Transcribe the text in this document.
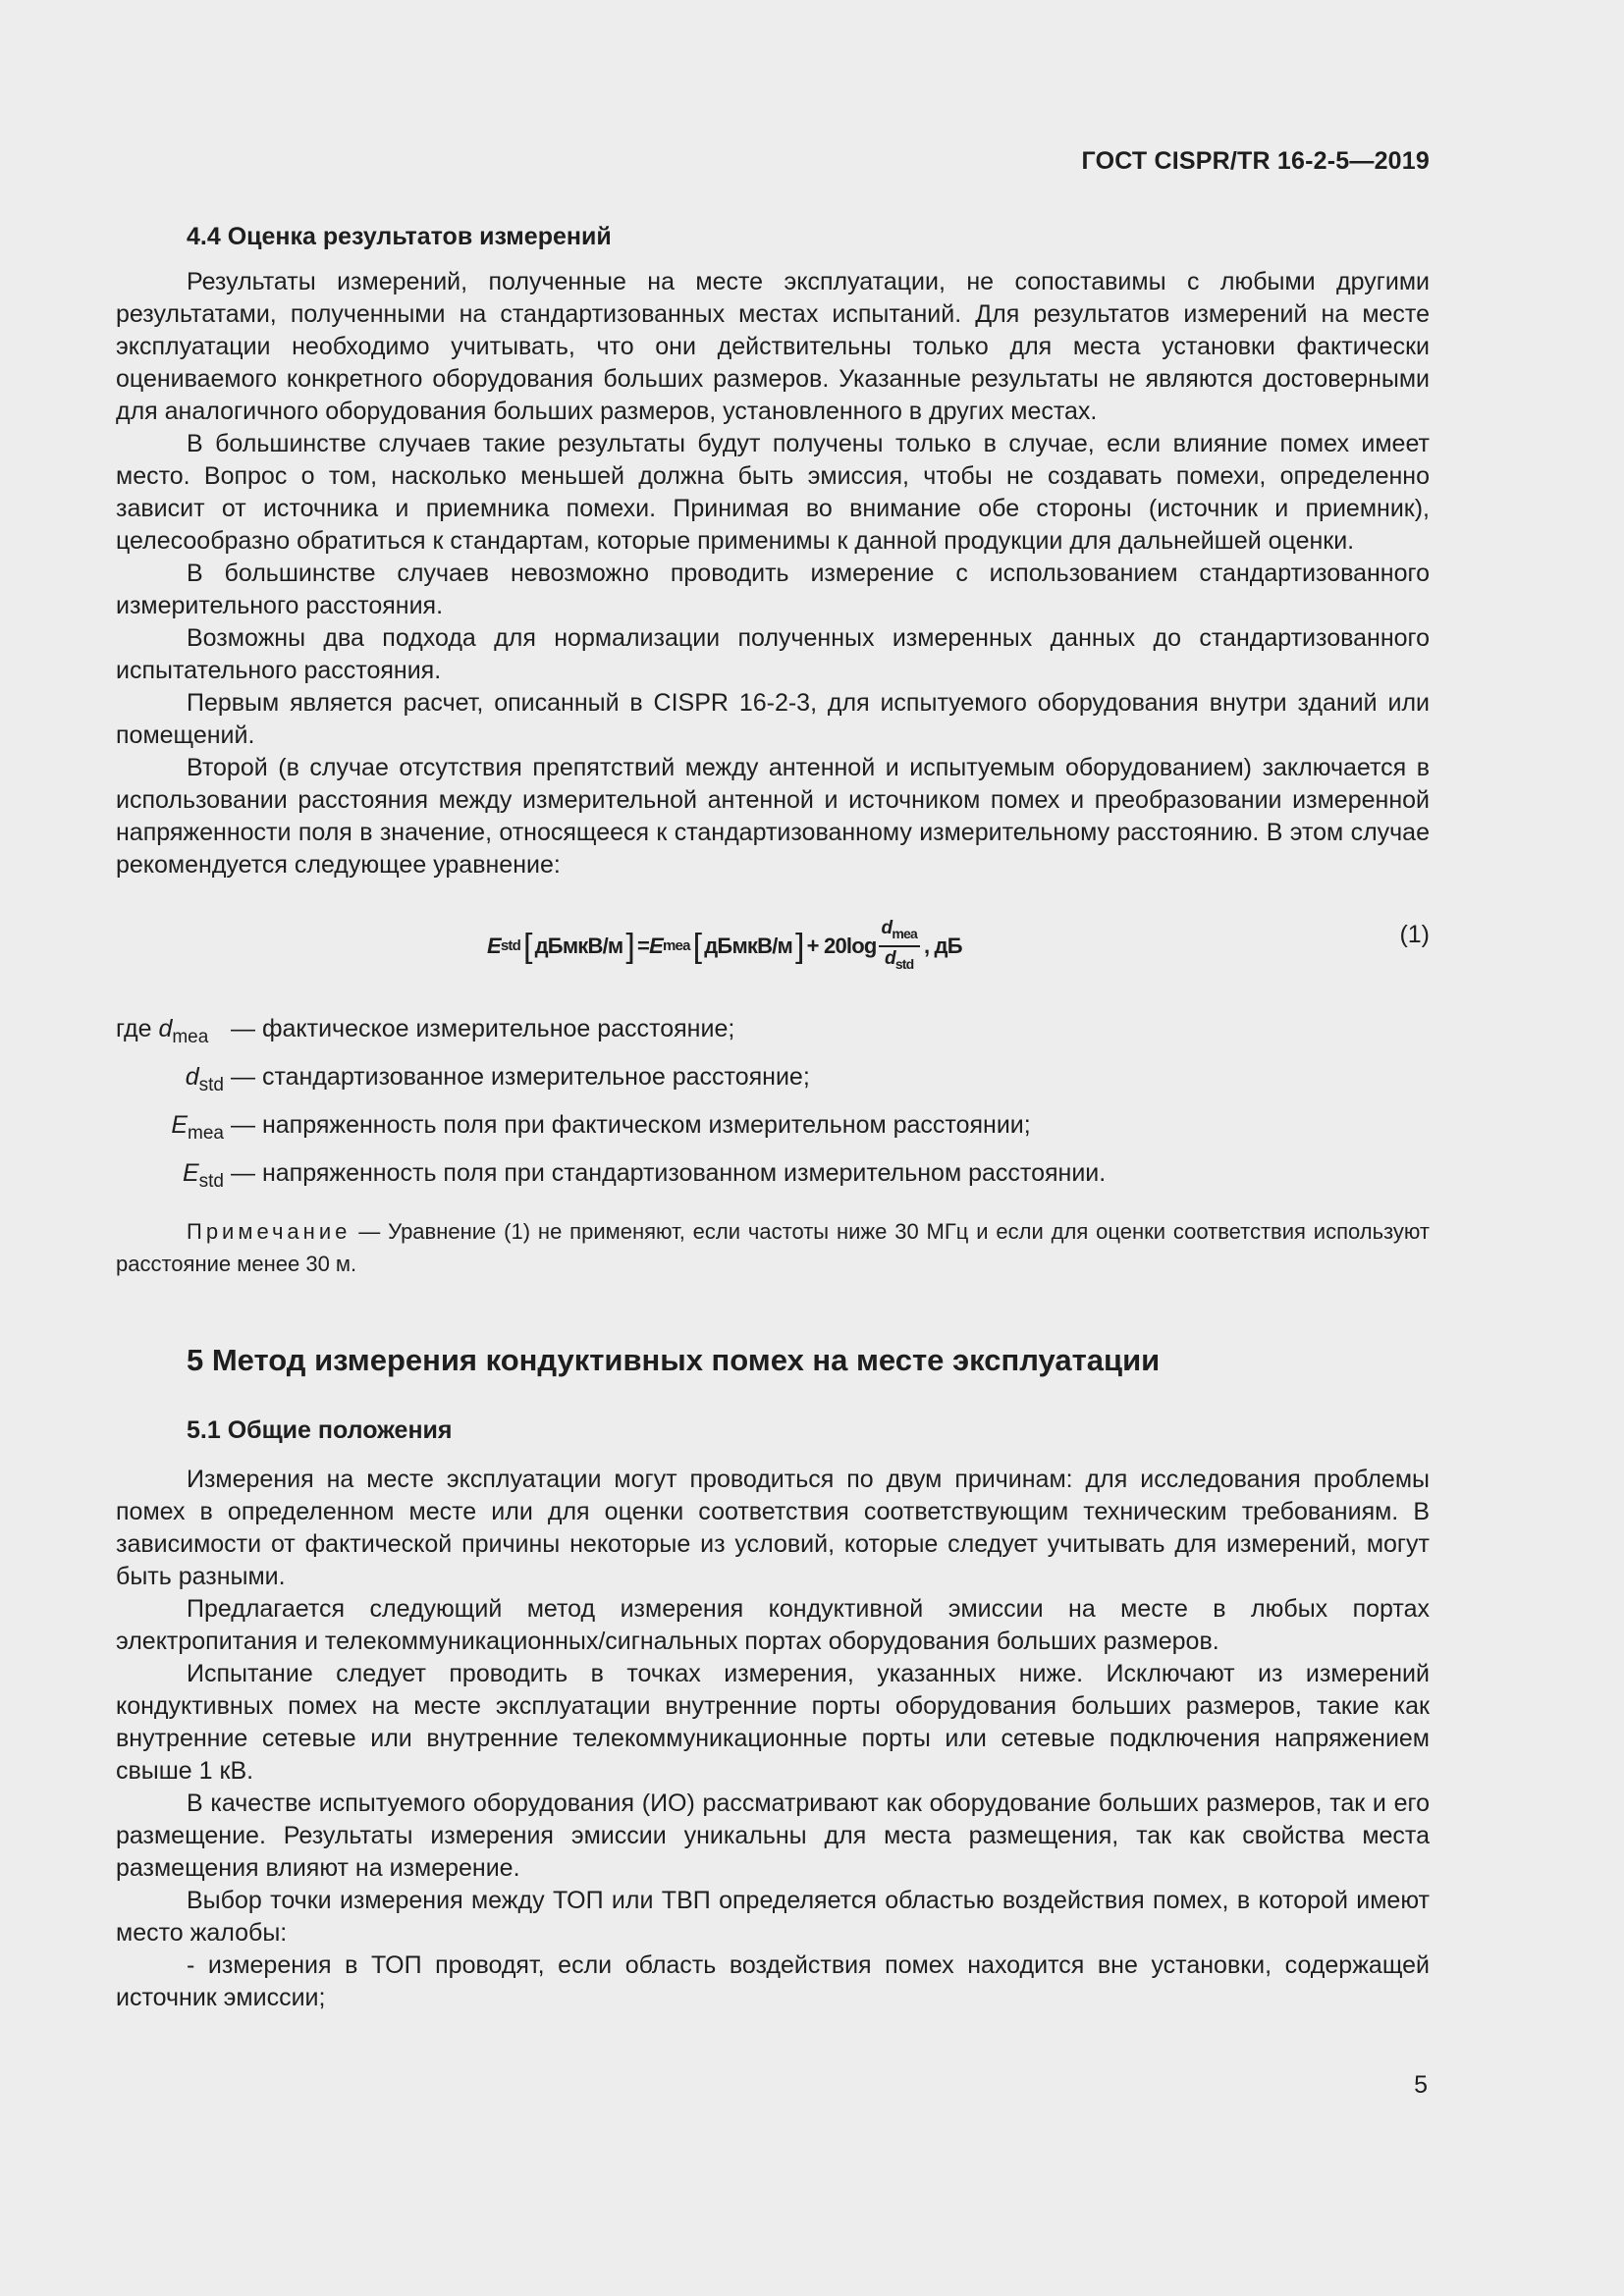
ГОСТ CISPR/TR 16-2-5—2019
4.4 Оценка результатов измерений

Результаты измерений, полученные на месте эксплуатации, не сопоставимы с любыми другими результатами, полученными на стандартизованных местах испытаний. Для результатов измерений на месте эксплуатации необходимо учитывать, что они действительны только для места установки фактически оцениваемого конкретного оборудования больших размеров. Указанные результаты не являются достоверными для аналогичного оборудования больших размеров, установленного в других местах.

В большинстве случаев такие результаты будут получены только в случае, если влияние помех имеет место. Вопрос о том, насколько меньшей должна быть эмиссия, чтобы не создавать помехи, определенно зависит от источника и приемника помехи. Принимая во внимание обе стороны (источник и приемник), целесообразно обратиться к стандартам, которые применимы к данной продукции для дальнейшей оценки.

В большинстве случаев невозможно проводить измерение с использованием стандартизованного измерительного расстояния.

Возможны два подхода для нормализации полученных измеренных данных до стандартизованного испытательного расстояния.

Первым является расчет, описанный в CISPR 16-2-3, для испытуемого оборудования внутри зданий или помещений.

Второй (в случае отсутствия препятствий между антенной и испытуемым оборудованием) заключается в использовании расстояния между измерительной антенной и источником помех и преобразовании измеренной напряженности поля в значение, относящееся к стандартизованному измерительному расстоянию. В этом случае рекомендуется следующее уравнение:

E std [ дБмкВ/м ] = E mea [ дБмкВ/м ] + $20\log \frac{d_{mea}}{d_{std}}$ , дБ	(1)
где $d_{mea}$ — фактическое измерительное расстояние;
$d_{std}$ — стандартизованное измерительное расстояние;
$E_{mea}$ — напряженность поля при фактическом измерительном расстоянии;
$E_{std}$ — напряженность поля при стандартизованном измерительном расстоянии.
Примечание — Уравнение (1) не применяют, если частоты ниже 30 МГц и если для оценки соответствия используют расстояние менее 30 м.
5 Метод измерения кондуктивных помех на месте эксплуатации
5.1 Общие положения

Измерения на месте эксплуатации могут проводиться по двум причинам: для исследования проблемы помех в определенном месте или для оценки соответствия соответствующим техническим требованиям. В зависимости от фактической причины некоторые из условий, которые следует учитывать для измерений, могут быть разными.

Предлагается следующий метод измерения кондуктивной эмиссии на месте в любых портах электропитания и телекоммуникационных/сигнальных портах оборудования больших размеров.

Испытание следует проводить в точках измерения, указанных ниже. Исключают из измерений кондуктивных помех на месте эксплуатации внутренние порты оборудования больших размеров, такие как внутренние сетевые или внутренние телекоммуникационные порты или сетевые подключения напряжением свыше 1 кВ.

В качестве испытуемого оборудования (ИО) рассматривают как оборудование больших размеров, так и его размещение. Результаты измерения эмиссии уникальны для места размещения, так как свойства места размещения влияют на измерение.

Выбор точки измерения между ТОП или ТВП определяется областью воздействия помех, в которой имеют место жалобы:

- измерения в ТОП проводят, если область воздействия помех находится вне установки, содержащей источник эмиссии;

5
